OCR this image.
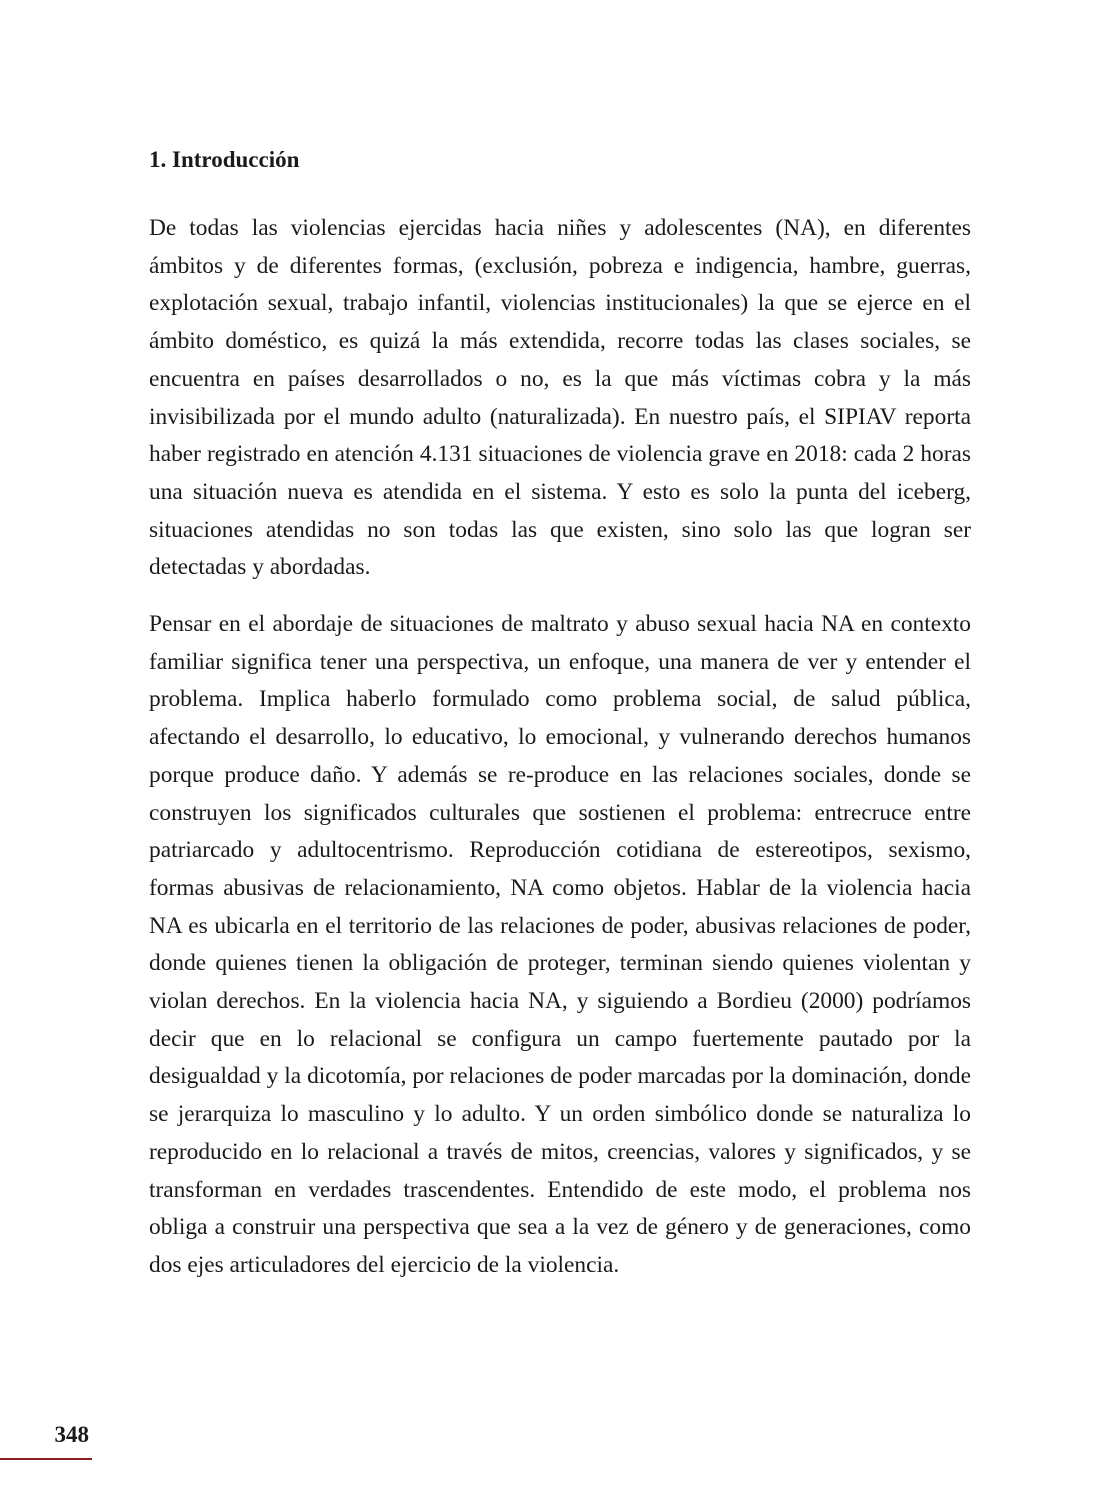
1. Introducción

De todas las violencias ejercidas hacia niñes y adolescentes (NA), en diferentes ámbitos y de diferentes formas, (exclusión, pobreza e indigencia, hambre, guerras, explotación sexual, trabajo infantil, violencias institucionales) la que se ejerce en el ámbito doméstico, es quizá la más extendida, recorre todas las clases sociales, se encuentra en países desarrollados o no, es la que más víctimas cobra y la más invisibilizada por el mundo adulto (naturalizada). En nuestro país, el SIPIAV reporta haber registrado en atención 4.131 situaciones de violencia grave en 2018: cada 2 horas una situación nueva es atendida en el sistema. Y esto es solo la punta del iceberg, situaciones atendidas no son todas las que existen, sino solo las que logran ser detectadas y abordadas.

Pensar en el abordaje de situaciones de maltrato y abuso sexual hacia NA en contexto familiar significa tener una perspectiva, un enfoque, una manera de ver y entender el problema. Implica haberlo formulado como problema social, de salud pública, afectando el desarrollo, lo educativo, lo emocional, y vulnerando derechos humanos porque produce daño. Y además se re-produce en las relaciones sociales, donde se construyen los significados culturales que sostienen el problema: entrecruce entre patriarcado y adultocentrismo. Reproducción cotidiana de estereotipos, sexismo, formas abusivas de relacionamiento, NA como objetos. Hablar de la violencia hacia NA es ubicarla en el territorio de las relaciones de poder, abusivas relaciones de poder, donde quienes tienen la obligación de proteger, terminan siendo quienes violentan y violan derechos. En la violencia hacia NA, y siguiendo a Bordieu (2000) podríamos decir que en lo relacional se configura un campo fuertemente pautado por la desigualdad y la dicotomía, por relaciones de poder marcadas por la dominación, donde se jerarquiza lo masculino y lo adulto. Y un orden simbólico donde se naturaliza lo reproducido en lo relacional a través de mitos, creencias, valores y significados, y se transforman en verdades trascendentes. Entendido de este modo, el problema nos obliga a construir una perspectiva que sea a la vez de género y de generaciones, como dos ejes articuladores del ejercicio de la violencia.

348
